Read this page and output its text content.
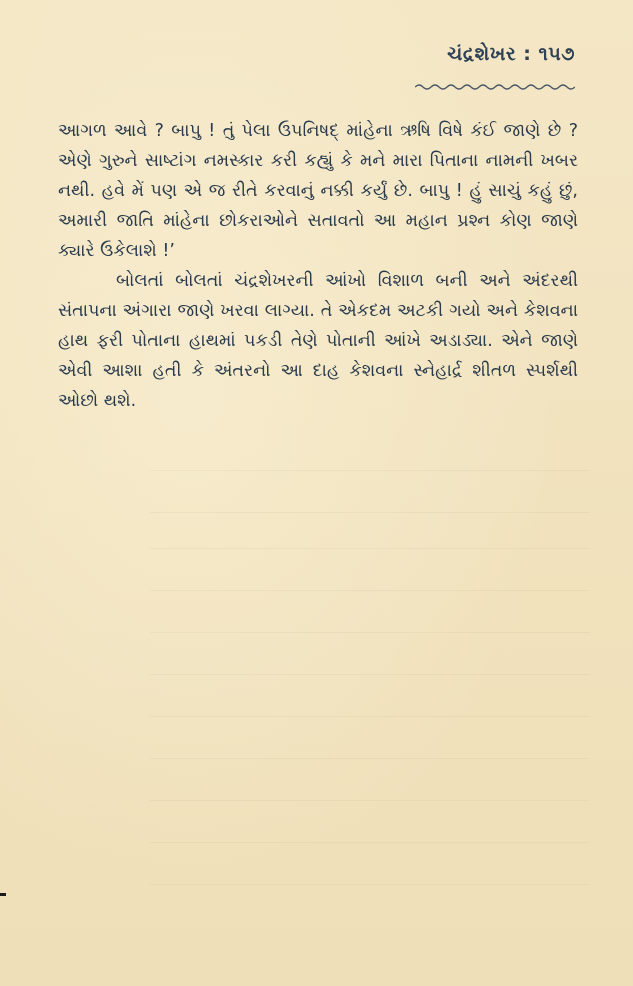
ચંદ્રશેખર : ૧૫૭

આગળ આવે ? બાપુ ! તું પેલા ઉપનિષદ્ માંહેના ઋષિ વિષે કંઈ જાણે છે ? એણે ગુરુને સાષ્ટાંગ નમસ્કાર કરી કહ્યું કે મને મારા પિતાના નામની ખબર નથી. હવે મેં પણ એ જ રીતે કરવાનું નક્કી કર્યું છે. બાપુ ! હું સાચું કહું છું, અમારી જાતિ માંહેના છોકરાઓને સતાવતો આ મહાન પ્રશ્ન કોણ જાણે ક્યારે ઉકેલાશે !’

બોલતાં બોલતાં ચંદ્રશેખરની આંખો વિશાળ બની અને અંદરથી સંતાપના અંગારા જાણે ખરવા લાગ્યા. તે એકદમ અટકી ગયો અને કેશવના હાથ ફરી પોતાના હાથમાં પકડી તેણે પોતાની આંખે અડાડ્યા. એને જાણે એવી આશા હતી કે અંતરનો આ દાહ કેશવના સ્નેહાર્દ્ર શીતળ સ્પર્શથી ઓછો થશે.
